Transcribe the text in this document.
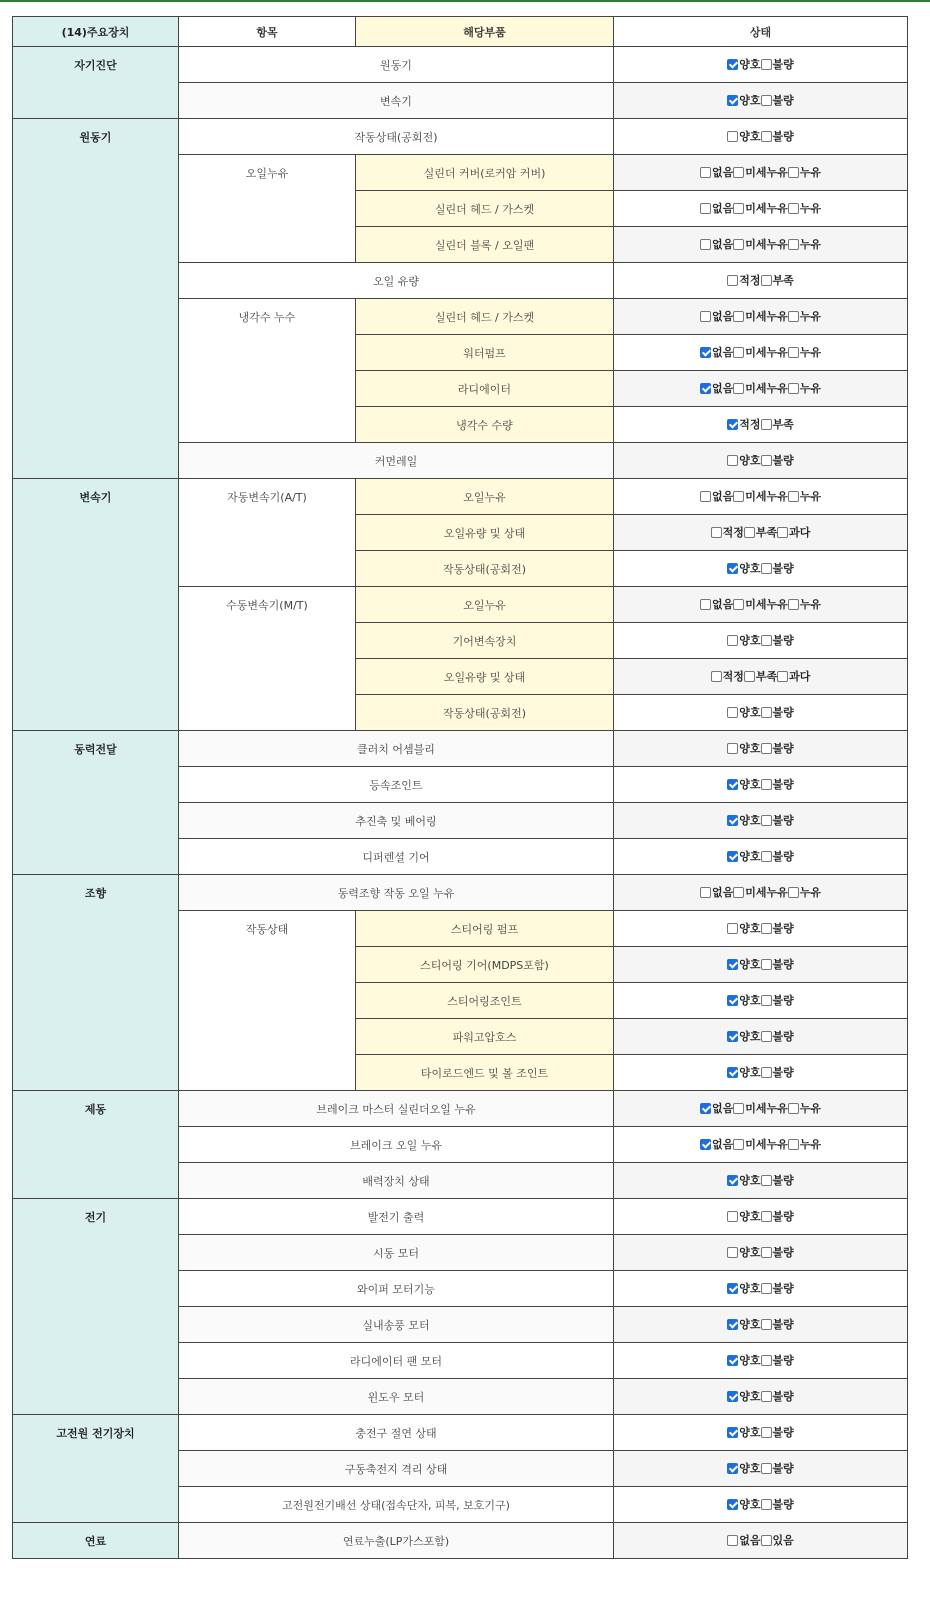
(14)주요장치	항목	해당부품	상태
자기진단	원동기		양호 불량

	변속기		양호 불량

원동기	작동상태(공회전)		양호 불량

	오일누유	실린더 커버(로커암 커버)	없음 미세누유 누유

		실린더 헤드 / 가스켓	없음 미세누유 누유

		실린더 블록 / 오일팬	없음 미세누유 누유

	오일 유량		적정 부족

	냉각수 누수	실린더 헤드 / 가스켓	없음 미세누유 누유

		워터펌프	없음 미세누유 누유

		라디에이터	없음 미세누유 누유

		냉각수 수량	적정 부족

	커먼레일		양호 불량

변속기	자동변속기(A/T)	오일누유	없음 미세누유 누유

		오일유량 및 상태	적정 부족 과다

		작동상태(공회전)	양호 불량

	수동변속기(M/T)	오일누유	없음 미세누유 누유

		기어변속장치	양호 불량

		오일유량 및 상태	적정 부족 과다

		작동상태(공회전)	양호 불량

동력전달	클러치 어셈블리		양호 불량

	등속조인트		양호 불량

	추진축 및 베어링		양호 불량

	디퍼렌셜 기어		양호 불량

조향	동력조향 작동 오일 누유		없음 미세누유 누유

	작동상태	스티어링 펌프	양호 불량

		스티어링 기어(MDPS포함)	양호 불량

		스티어링조인트	양호 불량

		파워고압호스	양호 불량

		타이로드엔드 및 볼 조인트	양호 불량

제동	브레이크 마스터 실린더오일 누유		없음 미세누유 누유

	브레이크 오일 누유		없음 미세누유 누유

	배력장치 상태		양호 불량

전기	발전기 출력		양호 불량

	시동 모터		양호 불량

	와이퍼 모터기능		양호 불량

	실내송풍 모터		양호 불량

	라디에이터 팬 모터		양호 불량

	윈도우 모터		양호 불량

고전원 전기장치	충전구 절연 상태		양호 불량

	구동축전지 격리 상태		양호 불량

	고전원전기배선 상태(접속단자, 피복, 보호기구)		양호 불량

연료	연료누출(LP가스포함)		없음 있음
